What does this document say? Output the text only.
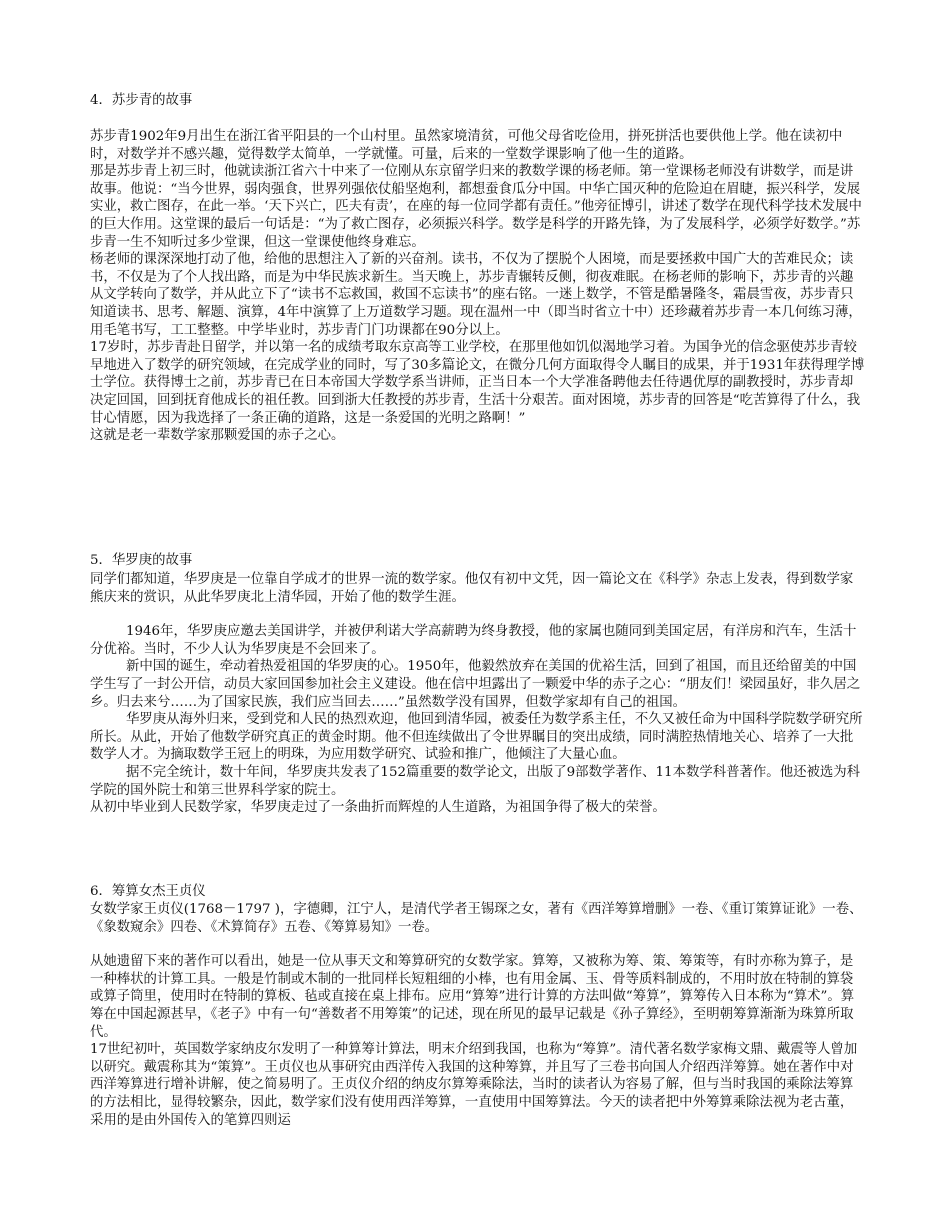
4．苏步青的故事

苏步青1902年9月出生在浙江省平阳县的一个山村里。虽然家境清贫，可他父母省吃俭用，拼死拼活也要供他上学。他在读初中时，对数学并不感兴趣，觉得数学太简单，一学就懂。可量，后来的一堂数学课影响了他一生的道路。

那是苏步青上初三时，他就读浙江省六十中来了一位刚从东京留学归来的教数学课的杨老师。第一堂课杨老师没有讲数学，而是讲故事。他说：“当今世界，弱肉强食，世界列强依仗船坚炮利，都想蚕食瓜分中国。中华亡国灭种的危险迫在眉睫，振兴科学，发展实业，救亡图存，在此一举。‘天下兴亡，匹夫有责’，在座的每一位同学都有责任。”他旁征博引，讲述了数学在现代科学技术发展中的巨大作用。这堂课的最后一句话是：“为了救亡图存，必须振兴科学。数学是科学的开路先锋，为了发展科学，必须学好数学。”苏步青一生不知听过多少堂课，但这一堂课使他终身难忘。

杨老师的课深深地打动了他，给他的思想注入了新的兴奋剂。读书，不仅为了摆脱个人困境，而是要拯救中国广大的苦难民众；读书，不仅是为了个人找出路，而是为中华民族求新生。当天晚上，苏步青辗转反侧，彻夜难眠。在杨老师的影响下，苏步青的兴趣从文学转向了数学，并从此立下了“读书不忘救国，救国不忘读书”的座右铭。一迷上数学，不管是酷暑隆冬，霜晨雪夜，苏步青只知道读书、思考、解题、演算，4年中演算了上万道数学习题。现在温州一中（即当时省立十中）还珍藏着苏步青一本几何练习薄，用毛笔书写，工工整整。中学毕业时，苏步青门门功课都在90分以上。

17岁时，苏步青赴日留学，并以第一名的成绩考取东京高等工业学校，在那里他如饥似渴地学习着。为国争光的信念驱使苏步青较早地进入了数学的研究领域，在完成学业的同时，写了30多篇论文，在微分几何方面取得令人瞩目的成果，并于1931年获得理学博士学位。获得博士之前，苏步青已在日本帝国大学数学系当讲师，正当日本一个大学准备聘他去任待遇优厚的副教授时，苏步青却决定回国，回到抚育他成长的祖任教。回到浙大任教授的苏步青，生活十分艰苦。面对困境，苏步青的回答是“吃苦算得了什么，我甘心情愿，因为我选择了一条正确的道路，这是一条爱国的光明之路啊！”

这就是老一辈数学家那颗爱国的赤子之心。

5．华罗庚的故事

同学们都知道，华罗庚是一位靠自学成才的世界一流的数学家。他仅有初中文凭，因一篇论文在《科学》杂志上发表，得到数学家熊庆来的赏识，从此华罗庚北上清华园，开始了他的数学生涯。

1946年，华罗庚应邀去美国讲学，并被伊利诺大学高薪聘为终身教授，他的家属也随同到美国定居，有洋房和汽车，生活十分优裕。当时，不少人认为华罗庚是不会回来了。

新中国的诞生，牵动着热爱祖国的华罗庚的心。1950年，他毅然放弃在美国的优裕生活，回到了祖国，而且还给留美的中国学生写了一封公开信，动员大家回国参加社会主义建设。他在信中坦露出了一颗爱中华的赤子之心：“朋友们！梁园虽好，非久居之乡。归去来兮……为了国家民族，我们应当回去……”虽然数学没有国界，但数学家却有自己的祖国。

华罗庚从海外归来，受到党和人民的热烈欢迎，他回到清华园，被委任为数学系主任，不久又被任命为中国科学院数学研究所所长。从此，开始了他数学研究真正的黄金时期。他不但连续做出了令世界瞩目的突出成绩，同时满腔热情地关心、培养了一大批数学人才。为摘取数学王冠上的明珠，为应用数学研究、试验和推广，他倾注了大量心血。

据不完全统计，数十年间，华罗庚共发表了152篇重要的数学论文，出版了9部数学著作、11本数学科普著作。他还被选为科学院的国外院士和第三世界科学家的院士。

从初中毕业到人民数学家，华罗庚走过了一条曲折而辉煌的人生道路，为祖国争得了极大的荣誉。

6．筹算女杰王贞仪

女数学家王贞仪(1768－1797 )，字德卿，江宁人，是清代学者王锡琛之女，著有《西洋筹算增删》一卷、《重订策算证讹》一卷、《象数窥余》四卷、《术算简存》五卷、《筹算易知》一卷。

从她遗留下来的著作可以看出，她是一位从事天文和筹算研究的女数学家。算筹，又被称为筹、策、筹策等，有时亦称为算子，是一种棒状的计算工具。一般是竹制或木制的一批同样长短粗细的小棒，也有用金属、玉、骨等质料制成的，不用时放在特制的算袋或算子筒里，使用时在特制的算板、毡或直接在桌上排布。应用“算筹”进行计算的方法叫做“筹算”，算筹传入日本称为“算术”。算筹在中国起源甚早，《老子》中有一句“善数者不用筹策”的记述，现在所见的最早记载是《孙子算经》，至明朝筹算渐渐为珠算所取代。

17世纪初叶，英国数学家纳皮尔发明了一种算筹计算法，明末介绍到我国，也称为“筹算”。清代著名数学家梅文鼎、戴震等人曾加以研究。戴震称其为“策算”。王贞仪也从事研究由西洋传入我国的这种筹算，并且写了三卷书向国人介绍西洋筹算。她在著作中对西洋筹算进行增补讲解，使之简易明了。王贞仪介绍的纳皮尔算筹乘除法，当时的读者认为容易了解，但与当时我国的乘除法筹算的方法相比，显得较繁杂，因此，数学家们没有使用西洋筹算，一直使用中国筹算法。今天的读者把中外筹算乘除法视为老古董，采用的是由外国传入的笔算四则运
